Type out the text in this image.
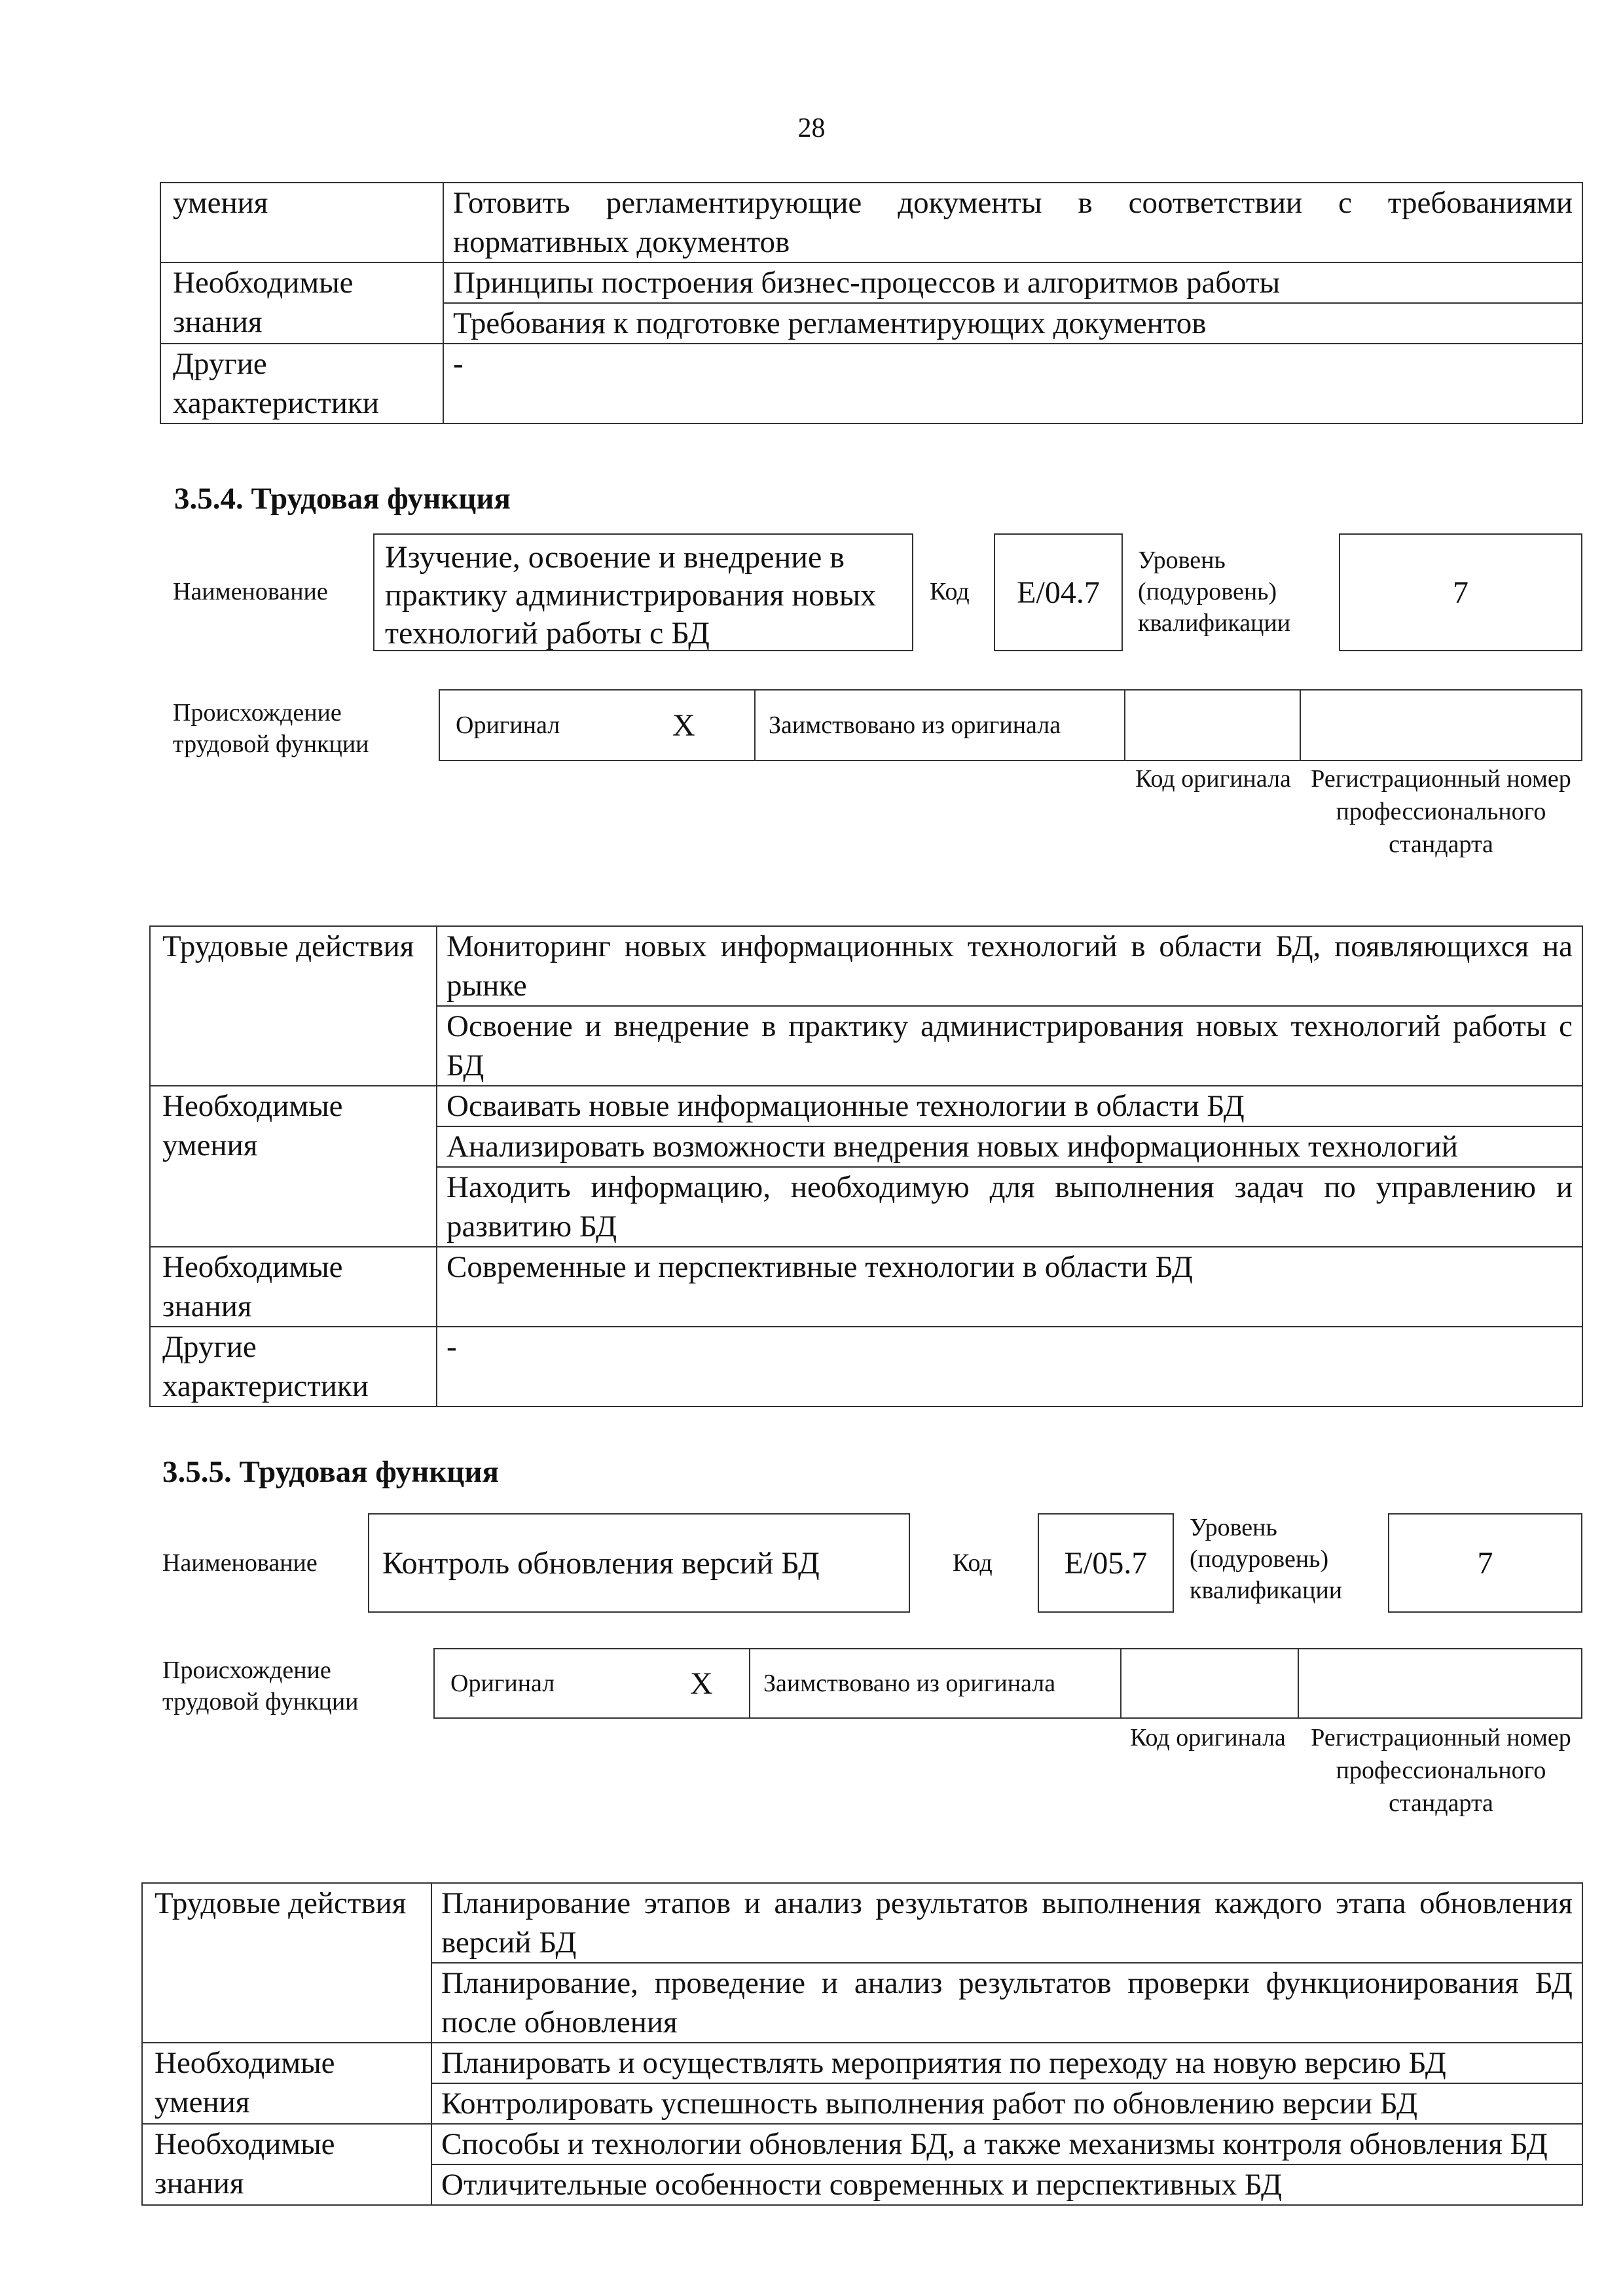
28
умения	Готовить регламентирующие документы в соответствии с требованиями нормативных документов
Необходимые знания	Принципы построения бизнес-процессов и алгоритмов работы
	Требования к подготовке регламентирующих документов
Другие характеристики	-
3.5.4. Трудовая функция
Наименование
Изучение, освоение и внедрение в практику администрирования новых технологий работы с БД
Код E/04.7
Уровень (подуровень) квалификации
7
Происхождение трудовой функции
Оригинал	X	Заимствовано из оригинала
Код оригинала Регистрационный номер профессионального стандарта
Трудовые действия	Мониторинг новых информационных технологий в области БД, появляющихся на рынке
	Освоение и внедрение в практику администрирования новых технологий работы с БД
Необходимые умения	Осваивать новые информационные технологии в области БД
	Анализировать возможности внедрения новых информационных технологий
	Находить информацию, необходимую для выполнения задач по управлению и развитию БД
Необходимые знания	Современные и перспективные технологии в области БД
Другие характеристики	-
3.5.5. Трудовая функция
Наименование Контроль обновления версий БД	Код E/05.7
Уровень (подуровень) квалификации
7
Происхождение трудовой функции
Оригинал	X	Заимствовано из оригинала
Код оригинала	Регистрационный номер профессионального стандарта
Трудовые действия	Планирование этапов и анализ результатов выполнения каждого этапа обновления версий БД
	Планирование, проведение и анализ результатов проверки функционирования БД после обновления
Необходимые умения	Планировать и осуществлять мероприятия по переходу на новую версию БД
	Контролировать успешность выполнения работ по обновлению версии БД
Необходимые знания	Способы и технологии обновления БД, а также механизмы контроля обновления БД
	Отличительные особенности современных и перспективных БД
